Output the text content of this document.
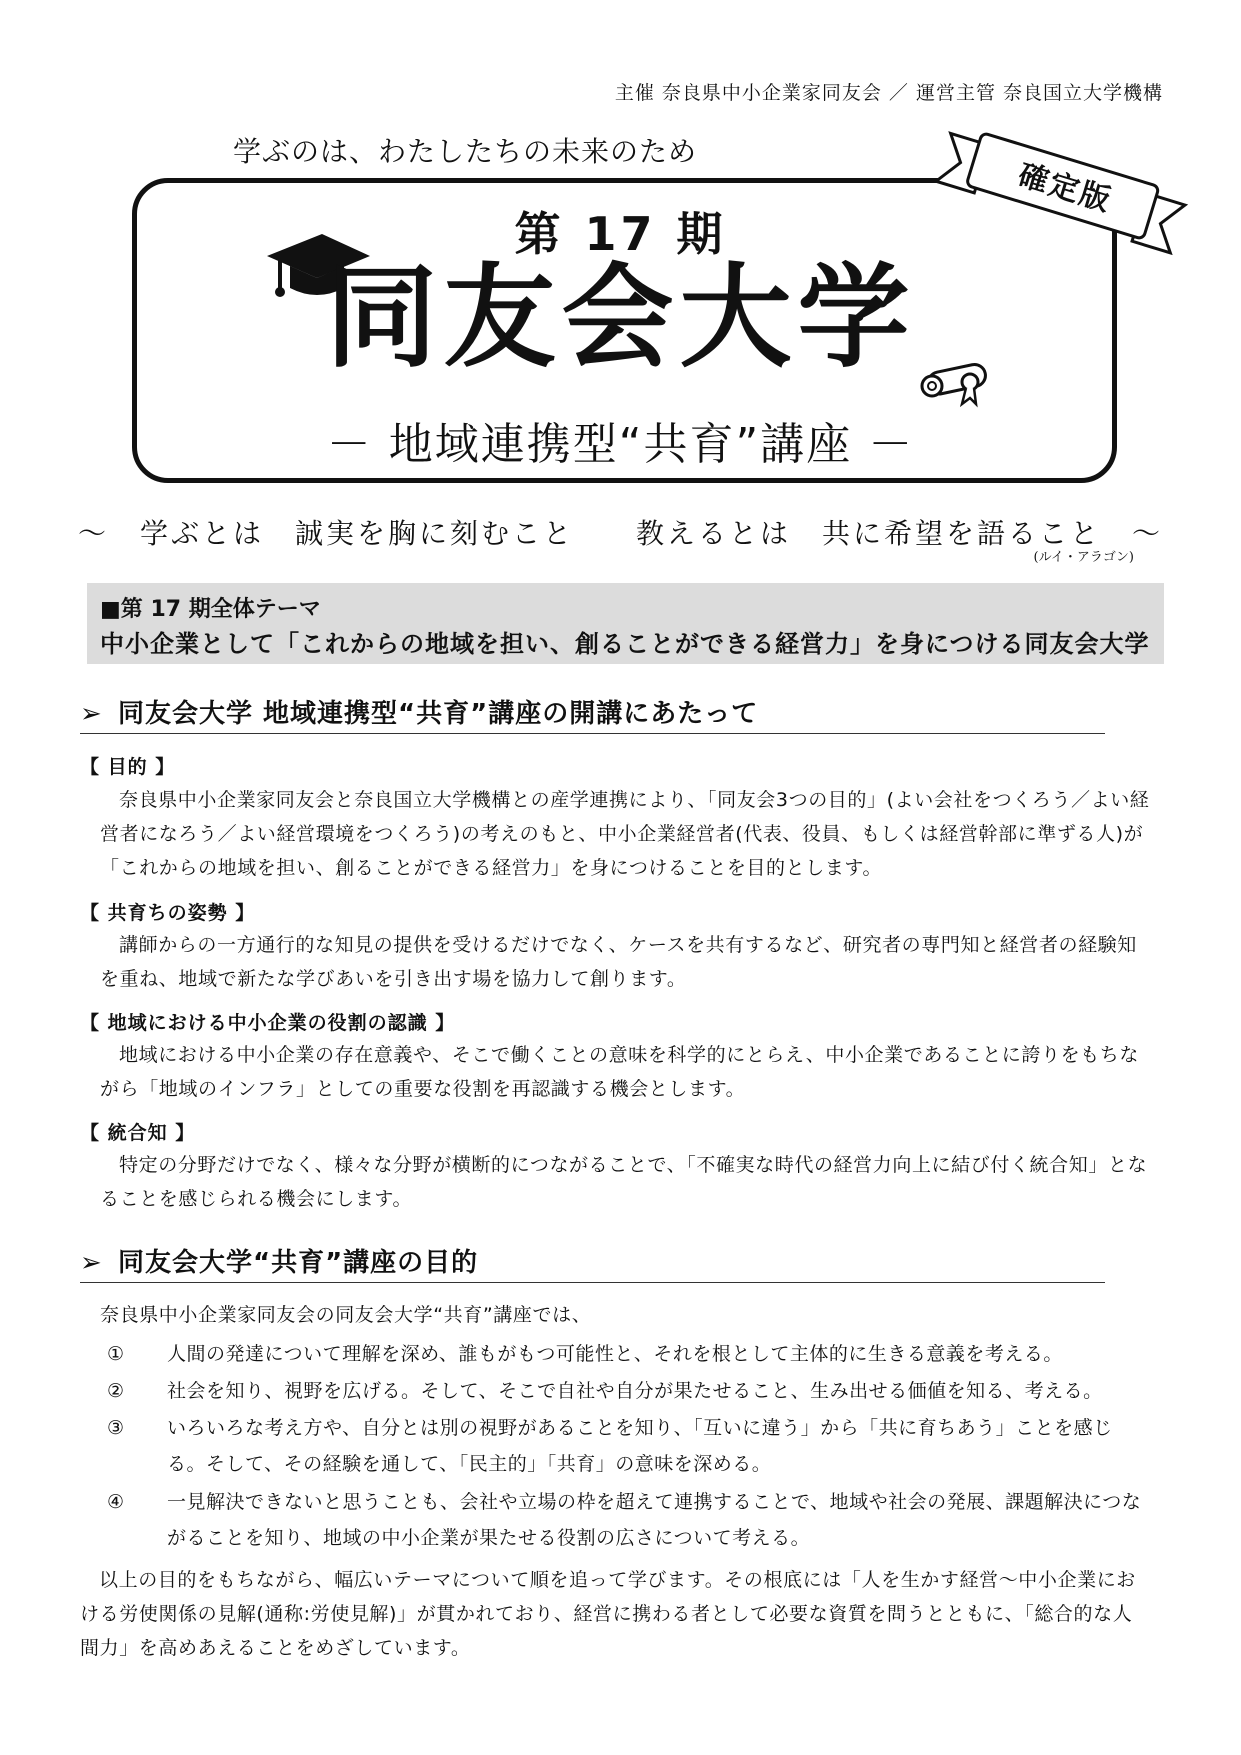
主催 奈良県中小企業家同友会 ／ 運営主管 奈良国立大学機構
学ぶのは、わたしたちの未来のため
確定版
第 17 期
同友会大学
－ 地域連携型“共育”講座 －
～　学ぶとは　誠実を胸に刻むこと　　教えるとは　共に希望を語ること　～
(ルイ・アラゴン)
■第 17 期全体テーマ
中小企業として「これからの地域を担い、創ることができる経営力」を身につける同友会大学
➢ 同友会大学 地域連携型“共育”講座の開講にあたって
【 目的 】
奈良県中小企業家同友会と奈良国立大学機構との産学連携により、「同友会3つの目的」(よい会社をつくろう／よい経営者になろう／よい経営環境をつくろう)の考えのもと、中小企業経営者(代表、役員、もしくは経営幹部に準ずる人)が「これからの地域を担い、創ることができる経営力」を身につけることを目的とします。
【 共育ちの姿勢 】
講師からの一方通行的な知見の提供を受けるだけでなく、ケースを共有するなど、研究者の専門知と経営者の経験知を重ね、地域で新たな学びあいを引き出す場を協力して創ります。
【 地域における中小企業の役割の認識 】
地域における中小企業の存在意義や、そこで働くことの意味を科学的にとらえ、中小企業であることに誇りをもちながら「地域のインフラ」としての重要な役割を再認識する機会とします。
【 統合知 】
特定の分野だけでなく、様々な分野が横断的につながることで、「不確実な時代の経営力向上に結び付く統合知」となることを感じられる機会にします。
➢ 同友会大学“共育”講座の目的
奈良県中小企業家同友会の同友会大学“共育”講座では、
① 人間の発達について理解を深め、誰もがもつ可能性と、それを根として主体的に生きる意義を考える。
② 社会を知り、視野を広げる。そして、そこで自社や自分が果たせること、生み出せる価値を知る、考える。
③ いろいろな考え方や、自分とは別の視野があることを知り、「互いに違う」から「共に育ちあう」ことを感じる。そして、その経験を通して、「民主的」「共育」の意味を深める。
④ 一見解決できないと思うことも、会社や立場の枠を超えて連携することで、地域や社会の発展、課題解決につながることを知り、地域の中小企業が果たせる役割の広さについて考える。
以上の目的をもちながら、幅広いテーマについて順を追って学びます。その根底には「人を生かす経営～中小企業における労使関係の見解(通称:労使見解)」が貫かれており、経営に携わる者として必要な資質を問うとともに、「総合的な人間力」を高めあえることをめざしています。
